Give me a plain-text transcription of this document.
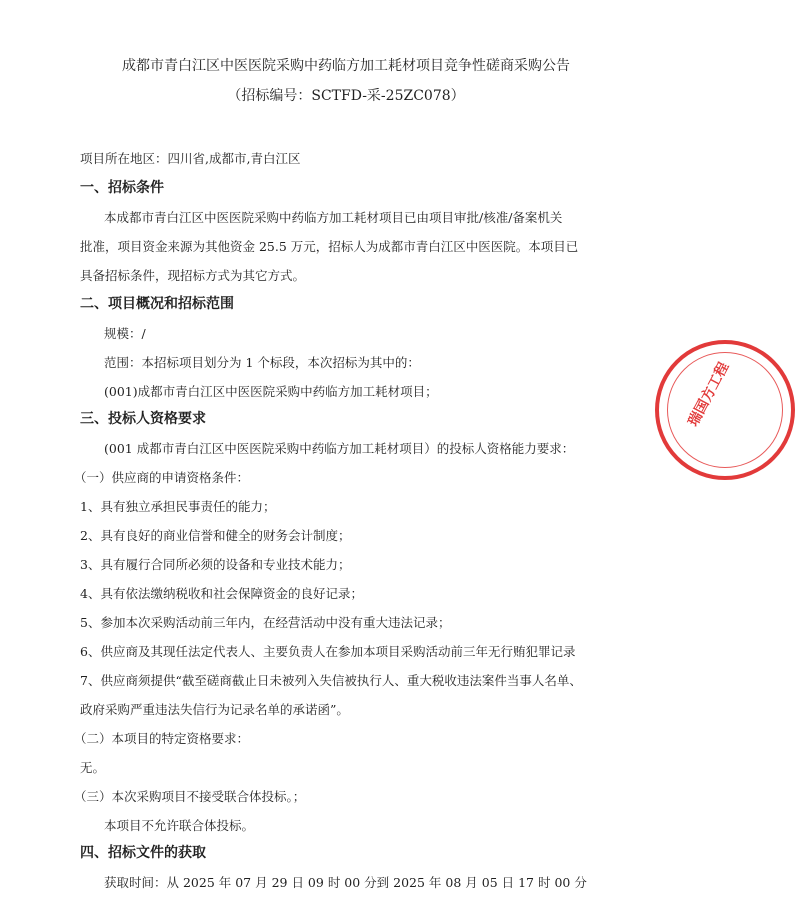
成都市青白江区中医医院采购中药临方加工耗材项目竞争性磋商采购公告
（招标编号：SCTFD-采-25ZC078）
项目所在地区：四川省,成都市,青白江区
一、招标条件
本成都市青白江区中医医院采购中药临方加工耗材项目已由项目审批/核准/备案机关
批准，项目资金来源为其他资金 25.5 万元，招标人为成都市青白江区中医医院。本项目已
具备招标条件，现招标方式为其它方式。
二、项目概况和招标范围
规模：/
范围：本招标项目划分为 1 个标段，本次招标为其中的：
(001)成都市青白江区中医医院采购中药临方加工耗材项目；
三、投标人资格要求
(001 成都市青白江区中医医院采购中药临方加工耗材项目）的投标人资格能力要求：
（一）供应商的申请资格条件：
1、具有独立承担民事责任的能力；
2、具有良好的商业信誉和健全的财务会计制度；
3、具有履行合同所必须的设备和专业技术能力；
4、具有依法缴纳税收和社会保障资金的良好记录；
5、参加本次采购活动前三年内，在经营活动中没有重大违法记录；
6、供应商及其现任法定代表人、主要负责人在参加本项目采购活动前三年无行贿犯罪记录
7、供应商须提供“截至磋商截止日未被列入失信被执行人、重大税收违法案件当事人名单、
政府采购严重违法失信行为记录名单的承诺函”。
（二）本项目的特定资格要求：
无。
（三）本次采购项目不接受联合体投标。；
本项目不允许联合体投标。
四、招标文件的获取
获取时间：从 2025 年 07 月 29 日 09 时 00 分到 2025 年 08 月 05 日 17 时 00 分
瑞国方工程
